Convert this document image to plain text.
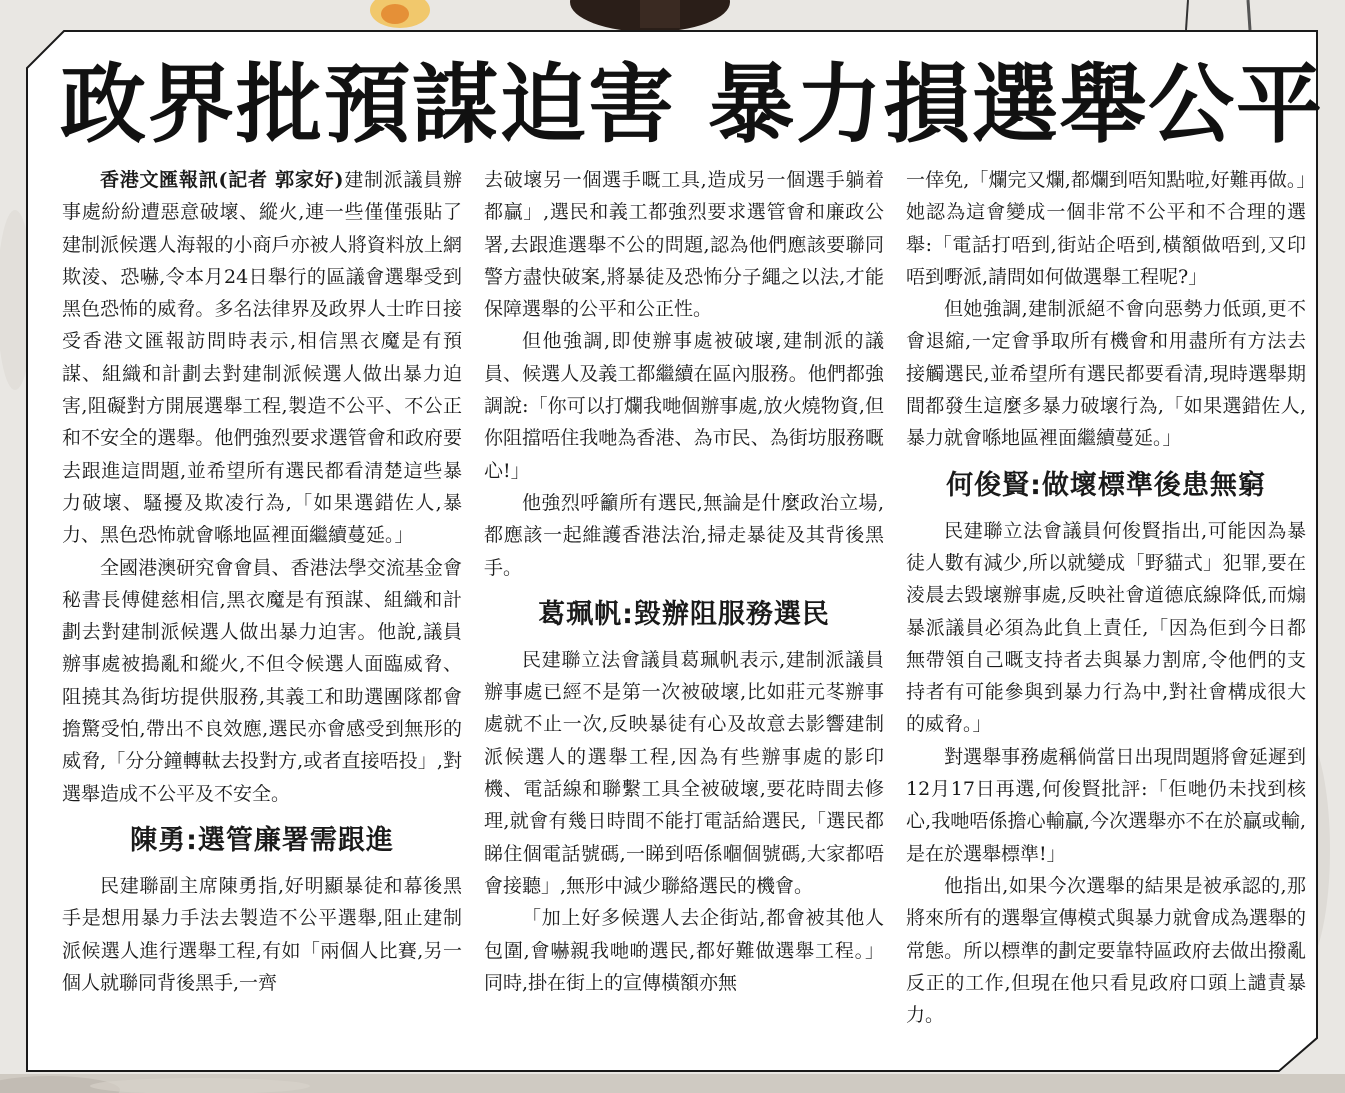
政界批預謀迫害 暴力損選舉公平

香港文匯報訊(記者 郭家好)建制派議員辦事處紛紛遭惡意破壞、縱火,連一些僅僅張貼了建制派候選人海報的小商戶亦被人將資料放上網欺淩、恐嚇,令本月24日舉行的區議會選舉受到黑色恐怖的威脅。多名法律界及政界人士昨日接受香港文匯報訪問時表示,相信黑衣魔是有預謀、組織和計劃去對建制派候選人做出暴力迫害,阻礙對方開展選舉工程,製造不公平、不公正和不安全的選舉。他們強烈要求選管會和政府要去跟進這問題,並希望所有選民都看清楚這些暴力破壞、騷擾及欺凌行為,「如果選錯佐人,暴力、黑色恐怖就會喺地區裡面繼續蔓延。」

全國港澳研究會會員、香港法學交流基金會秘書長傅健慈相信,黑衣魔是有預謀、組織和計劃去對建制派候選人做出暴力迫害。他說,議員辦事處被搗亂和縱火,不但令候選人面臨威脅、阻撓其為街坊提供服務,其義工和助選團隊都會擔驚受怕,帶出不良效應,選民亦會感受到無形的威脅,「分分鐘轉軚去投對方,或者直接唔投」,對選舉造成不公平及不安全。

陳勇:選管廉署需跟進

民建聯副主席陳勇指,好明顯暴徒和幕後黑手是想用暴力手法去製造不公平選舉,阻止建制派候選人進行選舉工程,有如「兩個人比賽,另一個人就聯同背後黑手,一齊

去破壞另一個選手嘅工具,造成另一個選手躺着都贏」,選民和義工都強烈要求選管會和廉政公署,去跟進選舉不公的問題,認為他們應該要聯同警方盡快破案,將暴徒及恐怖分子繩之以法,才能保障選舉的公平和公正性。

但他強調,即使辦事處被破壞,建制派的議員、候選人及義工都繼續在區內服務。他們都強調說:「你可以打爛我哋個辦事處,放火燒物資,但你阻擋唔住我哋為香港、為市民、為街坊服務嘅心!」

他強烈呼籲所有選民,無論是什麼政治立場,都應該一起維護香港法治,掃走暴徒及其背後黑手。

葛珮帆:毀辦阻服務選民

民建聯立法會議員葛珮帆表示,建制派議員辦事處已經不是第一次被破壞,比如莊元苳辦事處就不止一次,反映暴徒有心及故意去影響建制派候選人的選舉工程,因為有些辦事處的影印機、電話線和聯繫工具全被破壞,要花時間去修理,就會有幾日時間不能打電話給選民,「選民都睇住個電話號碼,一睇到唔係嗰個號碼,大家都唔會接聽」,無形中減少聯絡選民的機會。

「加上好多候選人去企街站,都會被其他人包圍,會嚇親我哋啲選民,都好難做選舉工程。」同時,掛在街上的宣傳橫額亦無

一倖免,「爛完又爛,都爛到唔知點啦,好難再做。」她認為這會變成一個非常不公平和不合理的選舉:「電話打唔到,街站企唔到,橫額做唔到,又印唔到嘢派,請問如何做選舉工程呢?」

但她強調,建制派絕不會向惡勢力低頭,更不會退縮,一定會爭取所有機會和用盡所有方法去接觸選民,並希望所有選民都要看清,現時選舉期間都發生這麼多暴力破壞行為,「如果選錯佐人,暴力就會喺地區裡面繼續蔓延。」

何俊賢:做壞標準後患無窮

民建聯立法會議員何俊賢指出,可能因為暴徒人數有減少,所以就變成「野貓式」犯罪,要在淩晨去毀壞辦事處,反映社會道德底線降低,而煽暴派議員必須為此負上責任,「因為佢到今日都無帶領自己嘅支持者去與暴力割席,令他們的支持者有可能參與到暴力行為中,對社會構成很大的威脅。」

對選舉事務處稱倘當日出現問題將會延遲到12月17日再選,何俊賢批評:「佢哋仍未找到核心,我哋唔係擔心輸贏,今次選舉亦不在於贏或輸,是在於選舉標準!」

他指出,如果今次選舉的結果是被承認的,那將來所有的選舉宣傳模式與暴力就會成為選舉的常態。所以標準的劃定要靠特區政府去做出撥亂反正的工作,但現在他只看見政府口頭上譴責暴力。
